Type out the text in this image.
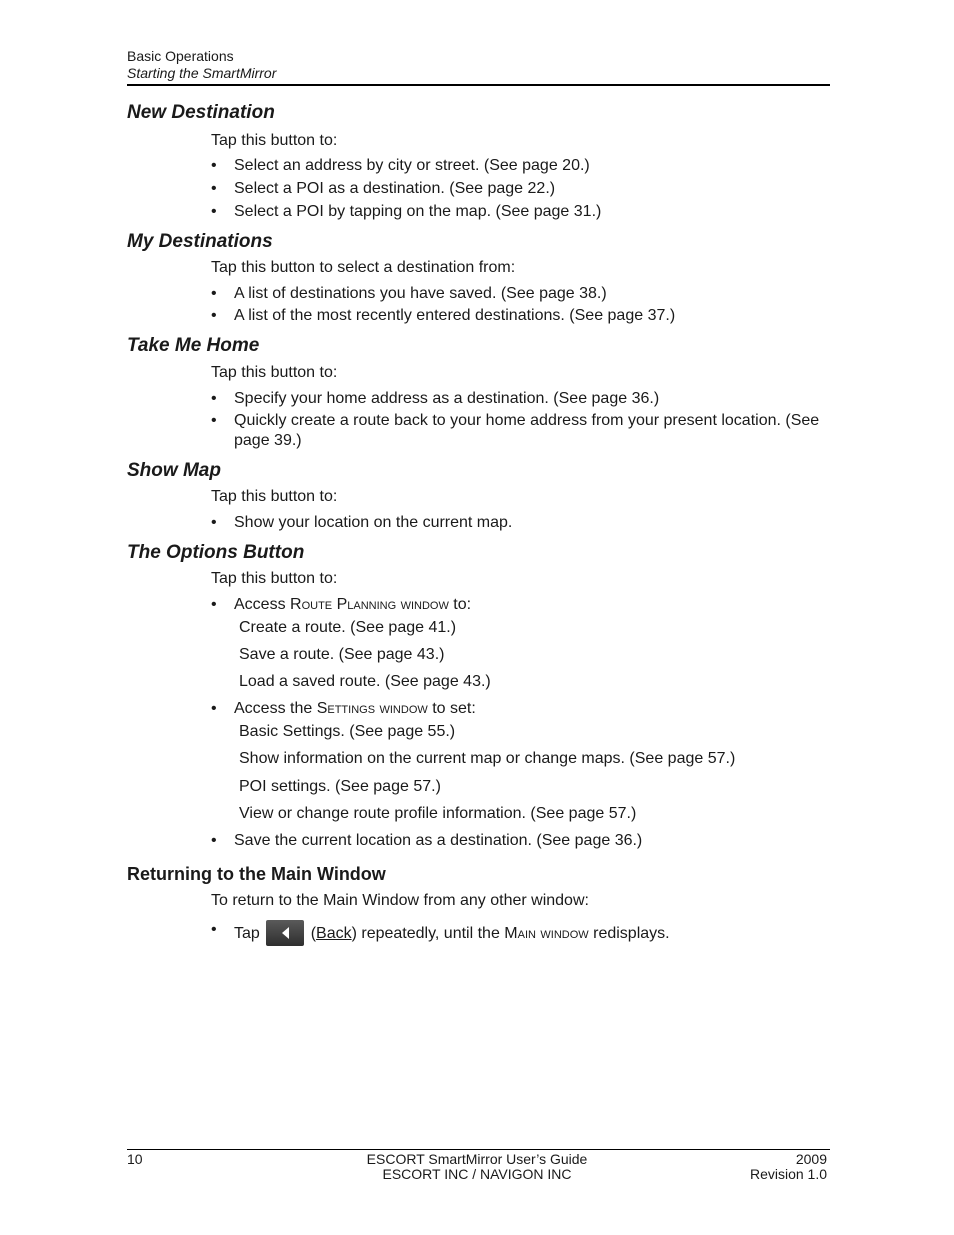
Basic Operations
Starting the SmartMirror
New Destination
Tap this button to:
• Select an address by city or street. (See page 20.)
• Select a POI as a destination. (See page 22.)
• Select a POI by tapping on the map. (See page 31.)
My Destinations
Tap this button to select a destination from:
• A list of destinations you have saved. (See page 38.)
• A list of the most recently entered destinations. (See page 37.)
Take Me Home
Tap this button to:
• Specify your home address as a destination. (See page 36.)
• Quickly create a route back to your home address from your present location. (See page 39.)
Show Map
Tap this button to:
• Show your location on the current map.
The Options Button
Tap this button to:
• Access Route Planning window to:
Create a route. (See page 41.)
Save a route. (See page 43.)
Load a saved route. (See page 43.)
• Access the Settings window to set:
Basic Settings. (See page 55.)
Show information on the current map or change maps. (See page 57.)
POI settings. (See page 57.)
View or change route profile information. (See page 57.)
• Save the current location as a destination. (See page 36.)
Returning to the Main Window
To return to the Main Window from any other window:
• Tap	(Back) repeatedly, until the Main window redisplays.
10	ESCORT SmartMirror User’s Guide
ESCORT INC / NAVIGON INC
2009
Revision 1.0
